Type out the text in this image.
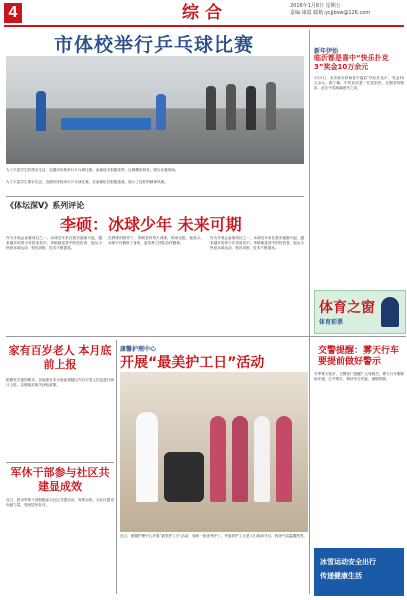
4	综合	2016年1月8日 星期五
责编:康霞 邮箱:ycjjbsw@126.com
市体校举行乒乓球比赛
为了丰富学生的课余生活，近期市体校举行乒乓球比赛，参赛选手积极发挥，比赛精彩纷呈。图为比赛现场。
为了丰富学生课余生活，近期市体校举行乒乓球比赛。各参赛队员积极备战，展示了良好的精神风貌。
《体坛深V》系列评论
李硕：冰球少年 未来可期
作为冬奥会参赛项目之一，冰球近年来在我市逐渐兴起，越来越多的青少年投身其中。李硕就是其中的佼佼者，他从小热爱冰球运动，刻苦训练，技术不断提高。
在教练的指导下，李硕坚持每天训练，风雨无阻。他表示，冰球不仅锻炼了身体，更培养了团队协作精神。
作为冬奥会参赛项目之一，冰球近年来在我市逐渐兴起，越来越多的青少年投身其中。李硕就是其中的佼佼者，他从小热爱冰球运动，刻苦训练，技术不断提高。
新年伊始
临沂都是喜中“快乐扑克3”奖金10万余元
1月5日，本市新年伊始喜中福彩“快乐扑克3”，奖金10万余元。据了解，中奖彩民是一位老彩民，长期坚持购彩，此次中奖纯属意外之喜。
体育之窗
体育彩票
家有百岁老人 本月底前上报
根据有关通知要求，各地需在本月底前将辖区内百岁老人信息进行统计上报，以便落实相关补贴政策。
军休干部参与社区共建显成效
近日，我市军休干部积极参与社区共建活动，发挥余热，为社区建设贡献力量，受到居民好评。
康馨护理中心
开展“最美护工日”活动
近日，康馨护理中心开展“最美护工日”活动，表彰一批优秀护工，并组织护工为老人们表演节目，现场气氛温馨热烈。
交警提醒：雾天行车要提前做好警示
冬季雾天较多，交警部门提醒广大驾驶员，雾天行车要降低车速，打开雾灯，保持安全车距，谨慎驾驶。
冰雪运动安全出行
传递健康生活
